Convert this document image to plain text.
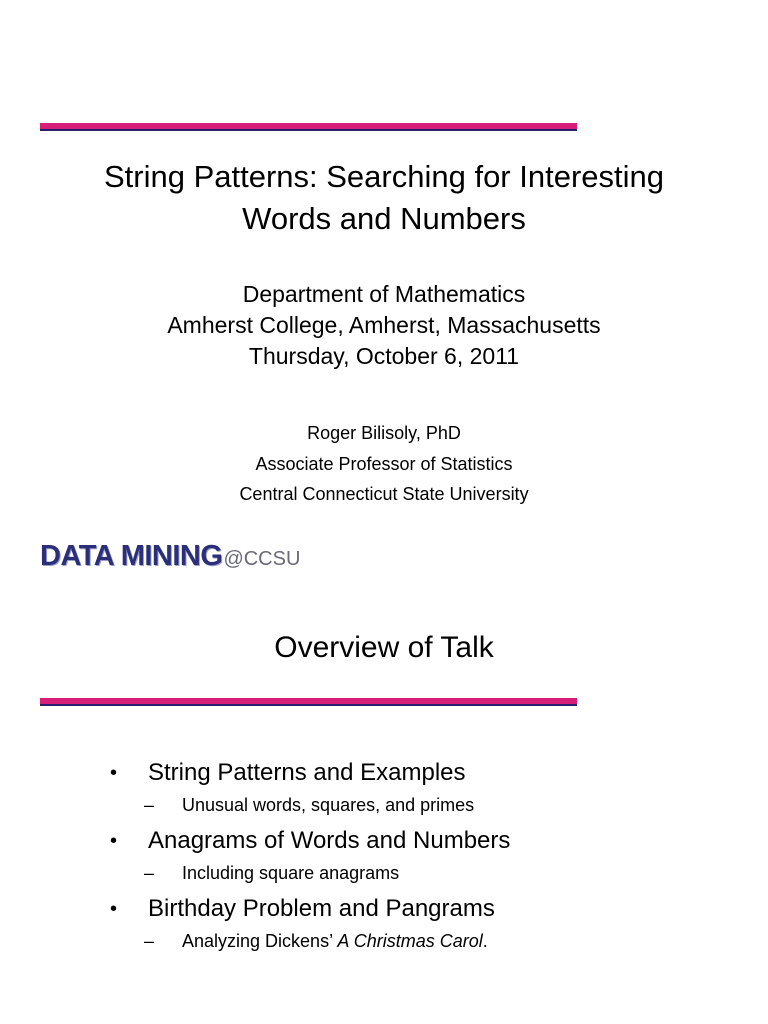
String Patterns: Searching for Interesting
Words and Numbers
Department of Mathematics
Amherst College, Amherst, Massachusetts
Thursday, October 6, 2011
Roger Bilisoly, PhD
Associate Professor of Statistics
Central Connecticut State University
DATA MINING@CCSU
Overview of Talk
• String Patterns and Examples
– Unusual words, squares, and primes
• Anagrams of Words and Numbers
– Including square anagrams
• Birthday Problem and Pangrams
– Analyzing Dickens’ A Christmas Carol.
